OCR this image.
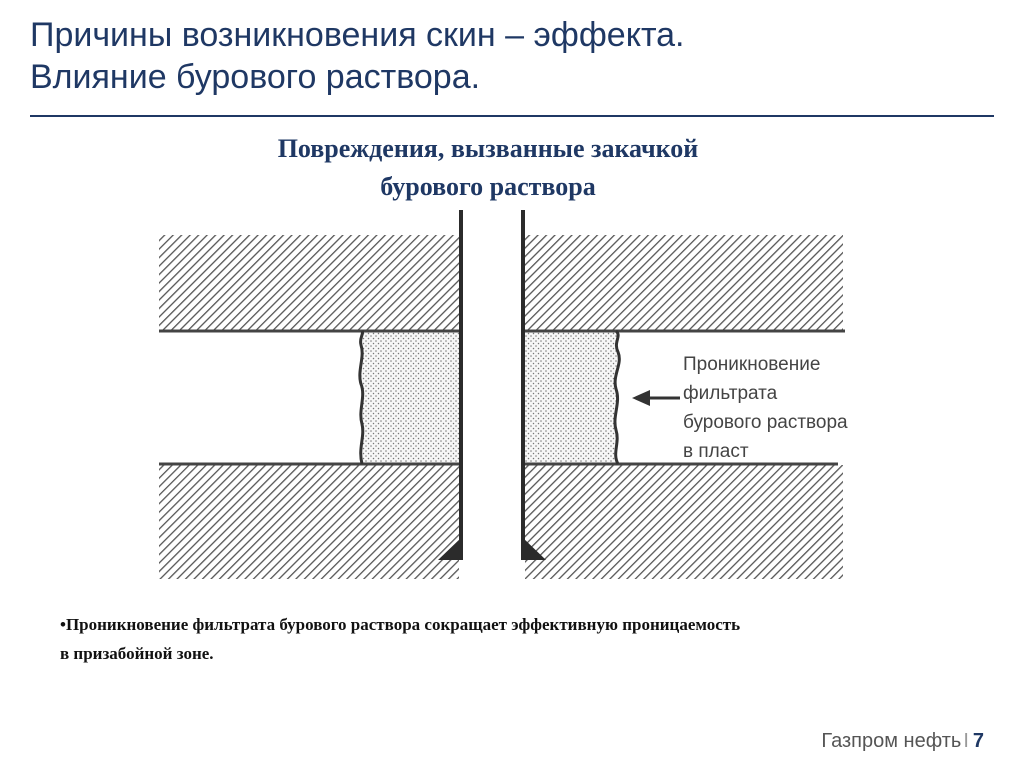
Причины возникновения скин – эффекта.
Влияние бурового раствора.
Повреждения, вызванные закачкой
бурового раствора
Проникновение
фильтрата
бурового раствора
в пласт
•Проникновение фильтрата бурового раствора сокращает эффективную проницаемость
в призабойной зоне.
Газпром нефть I 7
